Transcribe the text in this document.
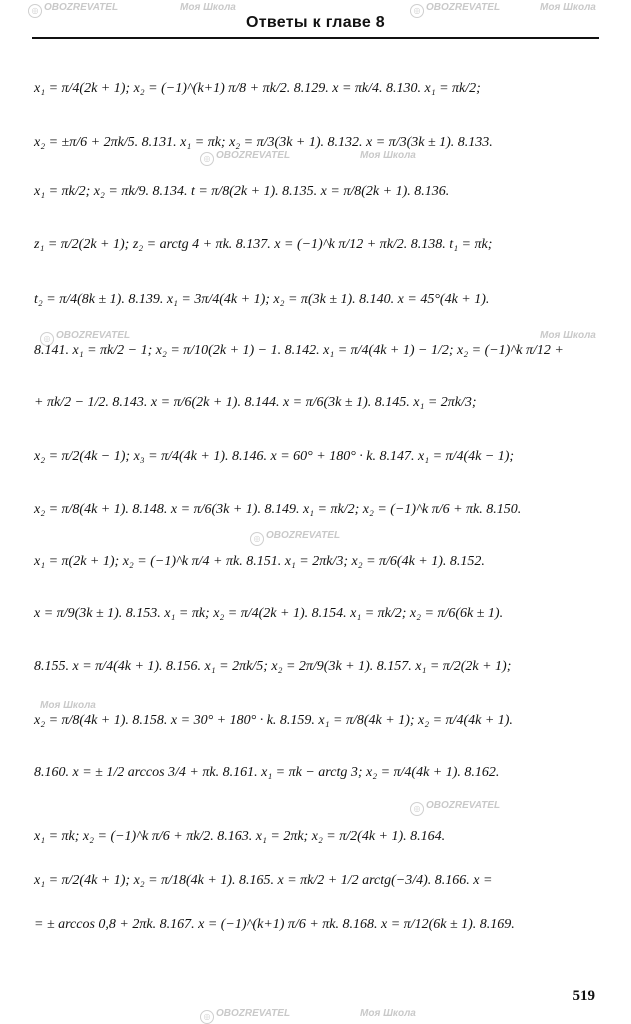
Ответы к главе 8
◎ OBOZREVATEL	Моя Школа	◎ OBOZREVATEL	Моя Школа
◎ OBOZREVATEL	Моя Школа
◎ OBOZREVATEL	Моя Школа
◎ OBOZREVATEL
Моя Школа
◎ OBOZREVATEL
◎ OBOZREVATEL	Моя Школа
x₁ = π/4(2k + 1); x₂ = (−1)^(k+1) π/8 + πk/2. 8.129. x = πk/4. 8.130. x₁ = πk/2;
x₂ = ±π/6 + 2πk/5. 8.131. x₁ = πk; x₂ = π/3(3k + 1). 8.132. x = π/3(3k ± 1). 8.133.
x₁ = πk/2; x₂ = πk/9. 8.134. t = π/8(2k + 1). 8.135. x = π/8(2k + 1). 8.136.
z₁ = π/2(2k + 1); z₂ = arctg 4 + πk. 8.137. x = (−1)^k π/12 + πk/2. 8.138. t₁ = πk;
t₂ = π/4(8k ± 1). 8.139. x₁ = 3π/4(4k + 1); x₂ = π(3k ± 1). 8.140. x = 45°(4k + 1).
8.141. x₁ = πk/2 − 1; x₂ = π/10(2k + 1) − 1. 8.142. x₁ = π/4(4k + 1) − 1/2; x₂ = (−1)^k π/12 +
+ πk/2 − 1/2. 8.143. x = π/6(2k + 1). 8.144. x = π/6(3k ± 1). 8.145. x₁ = 2πk/3;
x₂ = π/2(4k − 1); x₃ = π/4(4k + 1). 8.146. x = 60° + 180° · k. 8.147. x₁ = π/4(4k − 1);
x₂ = π/8(4k + 1). 8.148. x = π/6(3k + 1). 8.149. x₁ = πk/2; x₂ = (−1)^k π/6 + πk. 8.150.
x₁ = π(2k + 1); x₂ = (−1)^k π/4 + πk. 8.151. x₁ = 2πk/3; x₂ = π/6(4k + 1). 8.152.
x = π/9(3k ± 1). 8.153. x₁ = πk; x₂ = π/4(2k + 1). 8.154. x₁ = πk/2; x₂ = π/6(6k ± 1).
8.155. x = π/4(4k + 1). 8.156. x₁ = 2πk/5; x₂ = 2π/9(3k + 1). 8.157. x₁ = π/2(2k + 1);
x₂ = π/8(4k + 1). 8.158. x = 30° + 180° · k. 8.159. x₁ = π/8(4k + 1); x₂ = π/4(4k + 1).
8.160. x = ± 1/2 arccos 3/4 + πk. 8.161. x₁ = πk − arctg 3; x₂ = π/4(4k + 1). 8.162.
x₁ = πk; x₂ = (−1)^k π/6 + πk/2. 8.163. x₁ = 2πk; x₂ = π/2(4k + 1). 8.164.
x₁ = π/2(4k + 1); x₂ = π/18(4k + 1). 8.165. x = πk/2 + 1/2 arctg(−3/4). 8.166. x =
= ± arccos 0,8 + 2πk. 8.167. x = (−1)^(k+1) π/6 + πk. 8.168. x = π/12(6k ± 1). 8.169.
519
